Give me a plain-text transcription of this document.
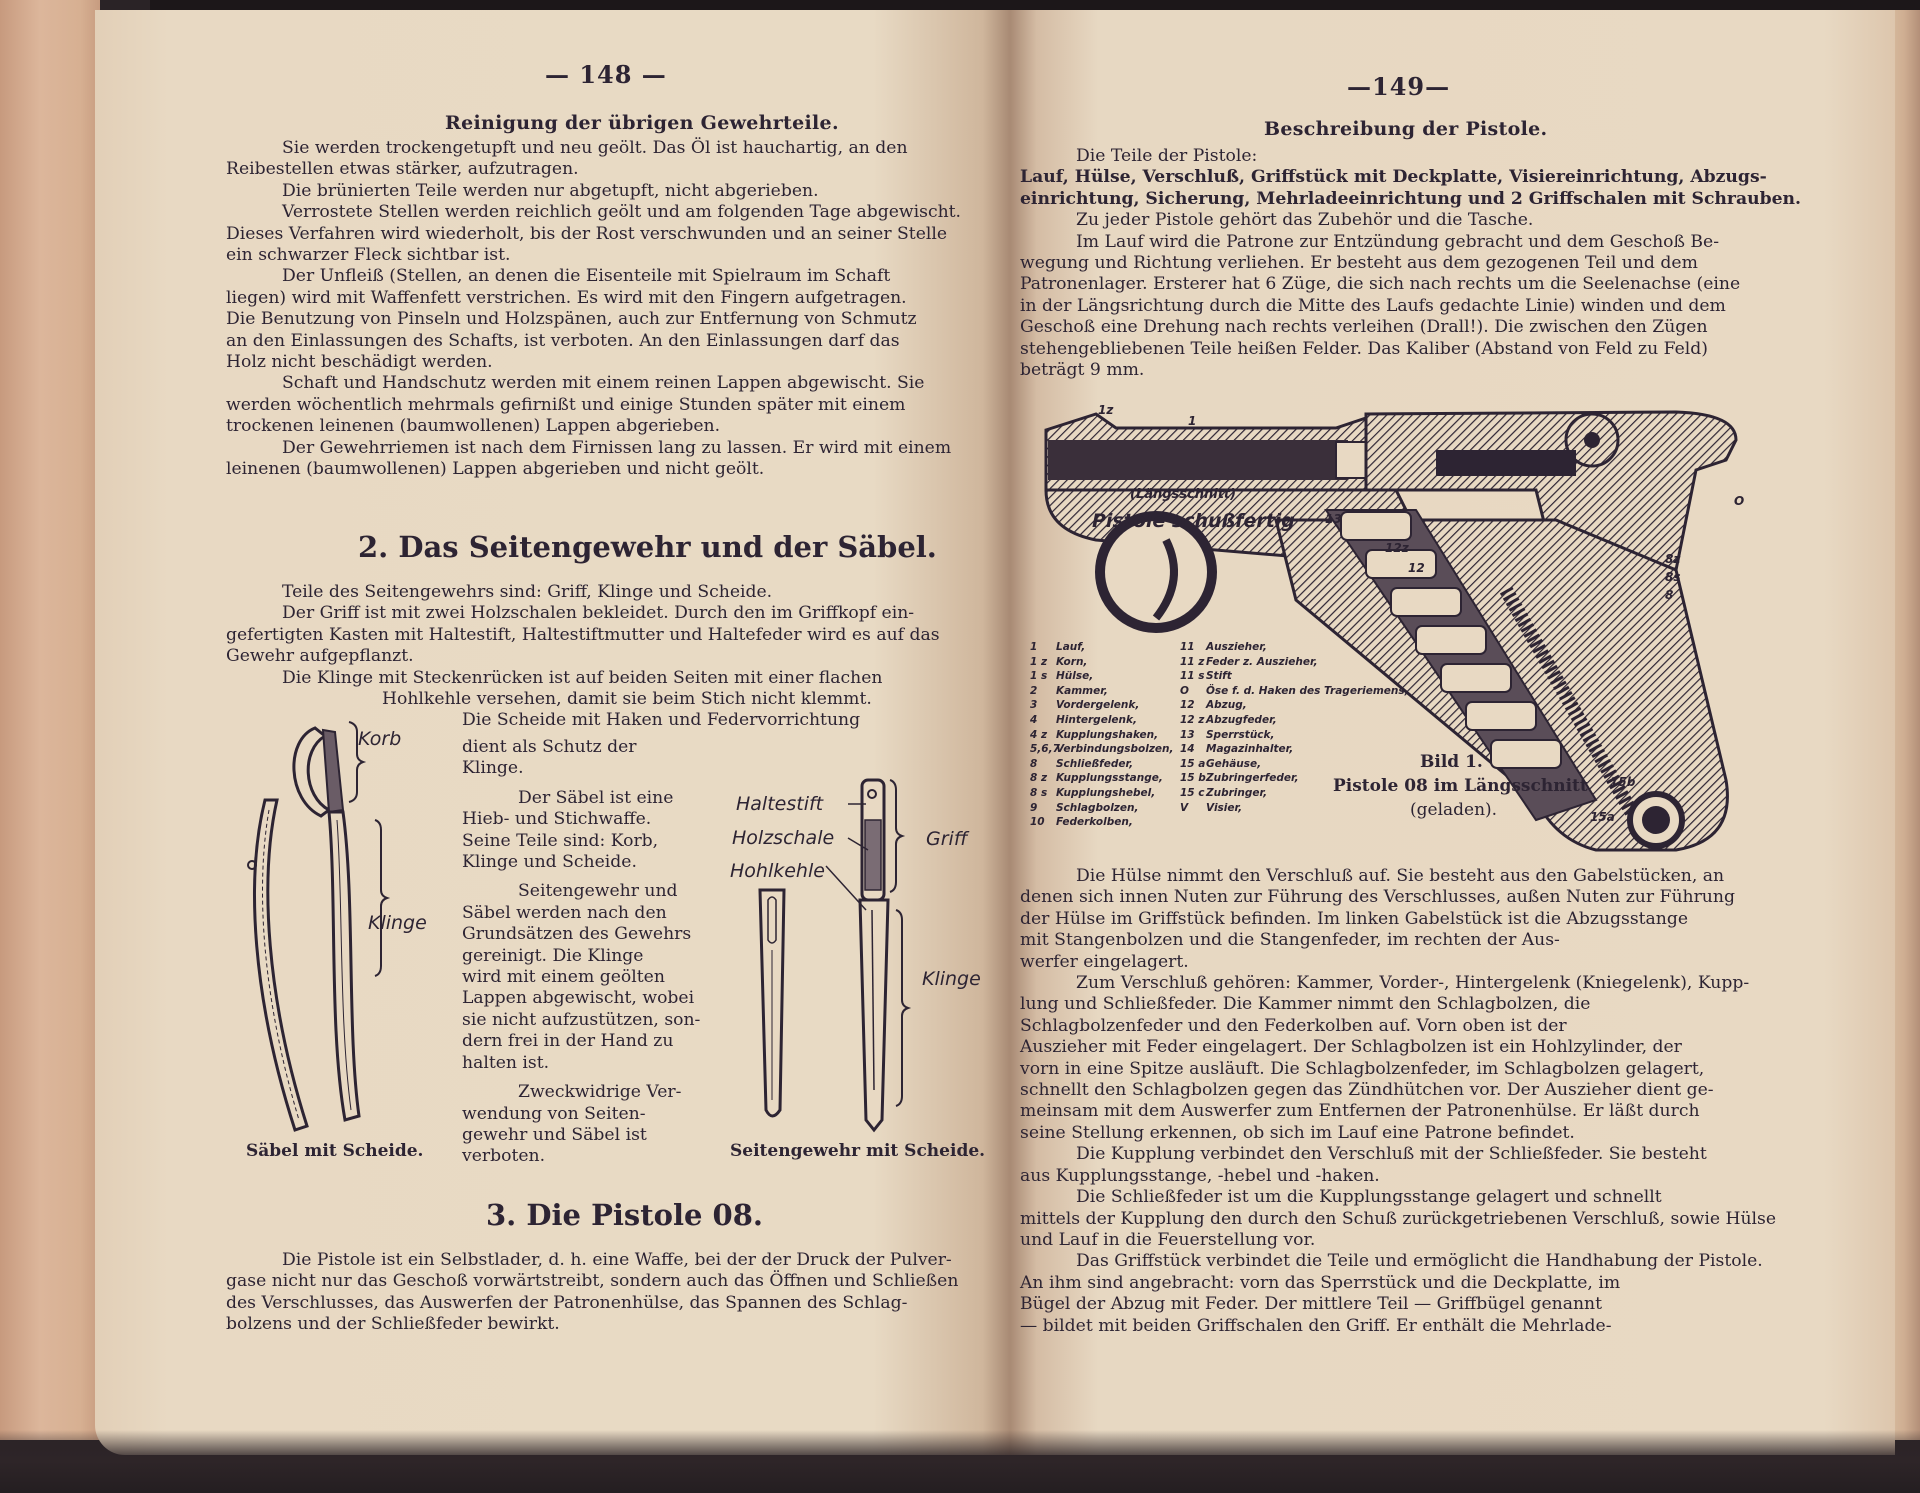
— 148 —
Reinigung der übrigen Gewehrteile.
Sie werden trockengetupft und neu geölt. Das Öl ist hauchartig, an den
Reibestellen etwas stärker, aufzutragen.
Die brünierten Teile werden nur abgetupft, nicht abgerieben.
Verrostete Stellen werden reichlich geölt und am folgenden Tage abgewischt.
Dieses Verfahren wird wiederholt, bis der Rost verschwunden und an seiner Stelle
ein schwarzer Fleck sichtbar ist.
Der Unfleiß (Stellen, an denen die Eisenteile mit Spielraum im Schaft
liegen) wird mit Waffenfett verstrichen. Es wird mit den Fingern aufgetragen.
Die Benutzung von Pinseln und Holzspänen, auch zur Entfernung von Schmutz
an den Einlassungen des Schafts, ist verboten. An den Einlassungen darf das
Holz nicht beschädigt werden.
Schaft und Handschutz werden mit einem reinen Lappen abgewischt. Sie
werden wöchentlich mehrmals gefirnißt und einige Stunden später mit einem
trockenen leinenen (baumwollenen) Lappen abgerieben.
Der Gewehrriemen ist nach dem Firnissen lang zu lassen. Er wird mit einem
leinenen (baumwollenen) Lappen abgerieben und nicht geölt.
2. Das Seitengewehr und der Säbel.
Teile des Seitengewehrs sind: Griff, Klinge und Scheide.
Der Griff ist mit zwei Holzschalen bekleidet. Durch den im Griffkopf ein-
gefertigten Kasten mit Haltestift, Haltestiftmutter und Haltefeder wird es auf das
Gewehr aufgepflanzt.
Die Klinge mit Steckenrücken ist auf beiden Seiten mit einer flachen
Hohlkehle versehen, damit sie beim Stich nicht klemmt.
Die Scheide mit Haken und Federvorrichtung
dient als Schutz der
Klinge.
Der Säbel ist eine
Hieb- und Stichwaffe.
Seine Teile sind: Korb,
Klinge und Scheide.
Seitengewehr und
Säbel werden nach den
Grundsätzen des Gewehrs
gereinigt. Die Klinge
wird mit einem geölten
Lappen abgewischt, wobei
sie nicht aufzustützen, son-
dern frei in der Hand zu
halten ist.
Zweckwidrige Ver-
wendung von Seiten-
gewehr und Säbel ist
verboten.
Korb
Klinge
Säbel mit Scheide.
Haltestift
Holzschale
Hohlkehle
Griff
Klinge
Seitengewehr mit Scheide.
3. Die Pistole 08.
Die Pistole ist ein Selbstlader, d. h. eine Waffe, bei der der Druck der Pulver-
gase nicht nur das Geschoß vorwärtstreibt, sondern auch das Öffnen und Schließen
des Verschlusses, das Auswerfen der Patronenhülse, das Spannen des Schlag-
bolzens und der Schließfeder bewirkt.
—149—
Beschreibung der Pistole.
Die Teile der Pistole:
Lauf, Hülse, Verschluß, Griffstück mit Deckplatte, Visiereinrichtung, Abzugs-
einrichtung, Sicherung, Mehrladeeinrichtung und 2 Griffschalen mit Schrauben.
Zu jeder Pistole gehört das Zubehör und die Tasche.
Im Lauf wird die Patrone zur Entzündung gebracht und dem Geschoß Be-
wegung und Richtung verliehen. Er besteht aus dem gezogenen Teil und dem
Patronenlager. Ersterer hat 6 Züge, die sich nach rechts um die Seelenachse (eine
in der Längsrichtung durch die Mitte des Laufs gedachte Linie) winden und dem
Geschoß eine Drehung nach rechts verleihen (Drall!). Die zwischen den Zügen
stehengebliebenen Teile heißen Felder. Das Kaliber (Abstand von Feld zu Feld)
beträgt 9 mm.
1z
1
12z
12
13
8z
8s
8
O
15b
15a
(Längsschnitt)
Pistole schußfertig
1 Lauf,
1 z Korn,
1 s Hülse,
2 Kammer,
3 Vordergelenk,
4 Hintergelenk,
4 z Kupplungshaken,
5,6,7Verbindungsbolzen,
8 Schließfeder,
8 z Kupplungsstange,
8 s Kupplungshebel,
9 Schlagbolzen,
10 Federkolben,
11 Auszieher,
11 z Feder z. Auszieher,
11 sStift
O Öse f. d. Haken des Trageriemens,
12 Abzug,
12 z Abzugfeder,
13 Sperrstück,
14 Magazinhalter,
15 aGehäuse,
15 bZubringerfeder,
15 c Zubringer,
V Visier,
Bild 1.
Pistole 08 im Längsschnitt
(geladen).
Die Hülse nimmt den Verschluß auf. Sie besteht aus den Gabelstücken, an
denen sich innen Nuten zur Führung des Verschlusses, außen Nuten zur Führung
der Hülse im Griffstück befinden. Im linken Gabelstück ist die Abzugsstange
mit Stangenbolzen und die Stangenfeder, im rechten der Aus-
werfer eingelagert.
Zum Verschluß gehören: Kammer, Vorder-, Hintergelenk (Kniegelenk), Kupp-
lung und Schließfeder. Die Kammer nimmt den Schlagbolzen, die
Schlagbolzenfeder und den Federkolben auf. Vorn oben ist der
Auszieher mit Feder eingelagert. Der Schlagbolzen ist ein Hohlzylinder, der
vorn in eine Spitze ausläuft. Die Schlagbolzenfeder, im Schlagbolzen gelagert,
schnellt den Schlagbolzen gegen das Zündhütchen vor. Der Auszieher dient ge-
meinsam mit dem Auswerfer zum Entfernen der Patronenhülse. Er läßt durch
seine Stellung erkennen, ob sich im Lauf eine Patrone befindet.
Die Kupplung verbindet den Verschluß mit der Schließfeder. Sie besteht
aus Kupplungsstange, -hebel und -haken.
Die Schließfeder ist um die Kupplungsstange gelagert und schnellt
mittels der Kupplung den durch den Schuß zurückgetriebenen Verschluß, sowie Hülse
und Lauf in die Feuerstellung vor.
Das Griffstück verbindet die Teile und ermöglicht die Handhabung der Pistole.
An ihm sind angebracht: vorn das Sperrstück und die Deckplatte, im
Bügel der Abzug mit Feder. Der mittlere Teil — Griffbügel genannt
— bildet mit beiden Griffschalen den Griff. Er enthält die Mehrlade-
